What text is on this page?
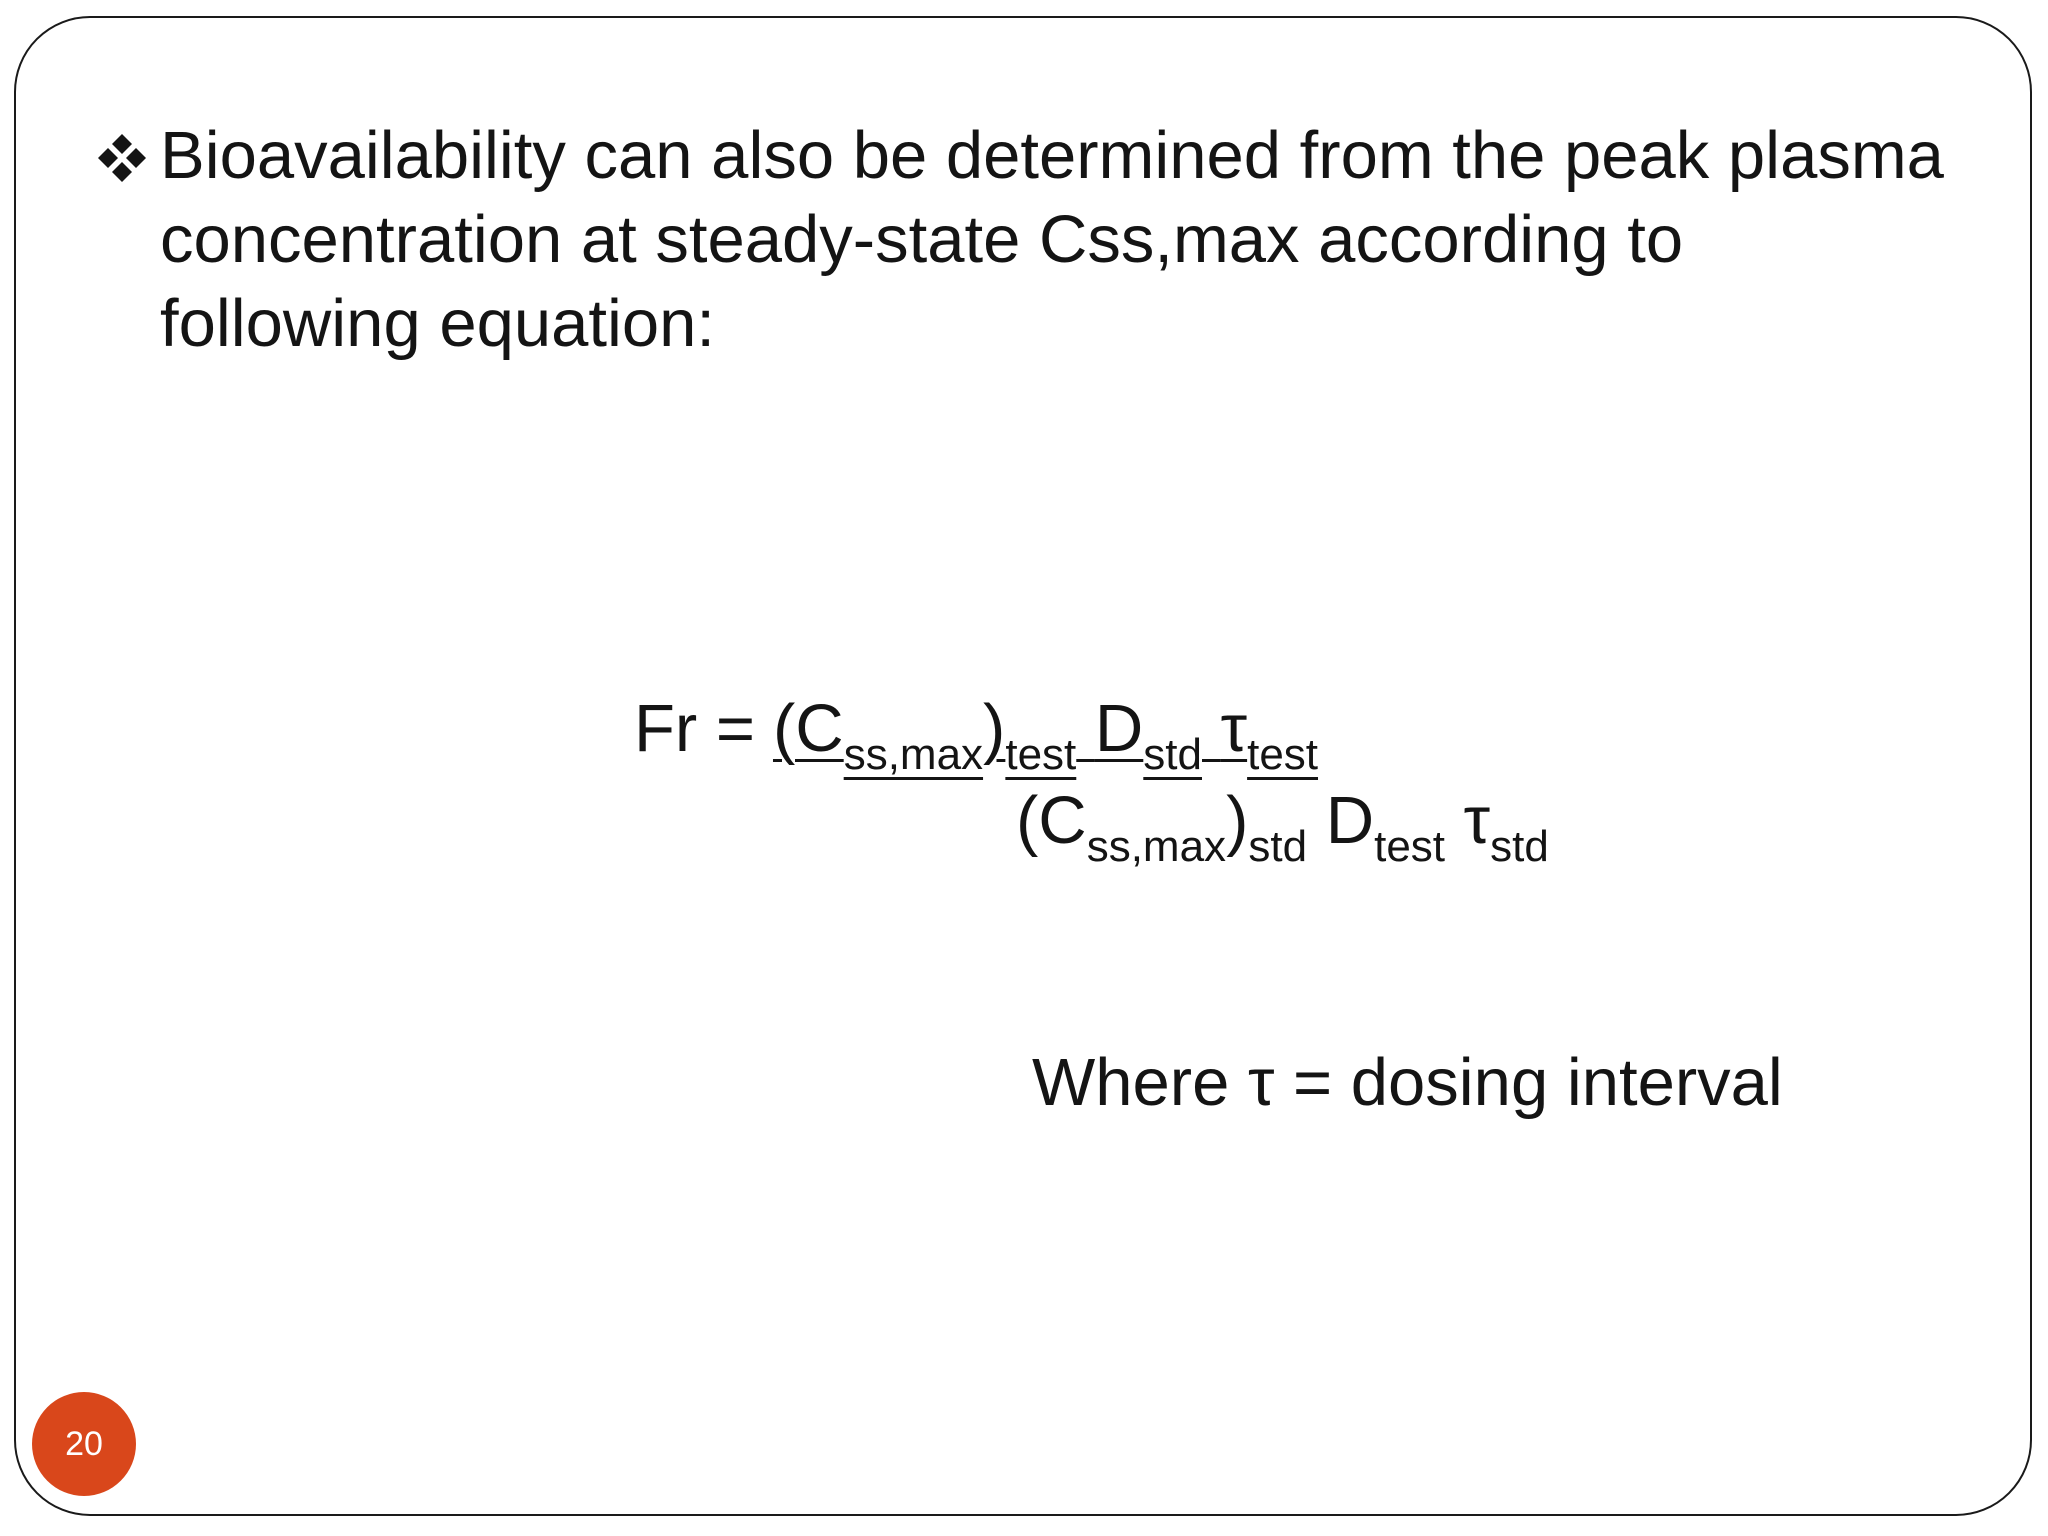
Bioavailability can also be determined from the peak plasma concentration at steady-state Css,max according to following equation:

Fr = (C ss,max ) test
D std
τ test
(C ss,max ) std
D test
τ std

Where τ = dosing interval

20
